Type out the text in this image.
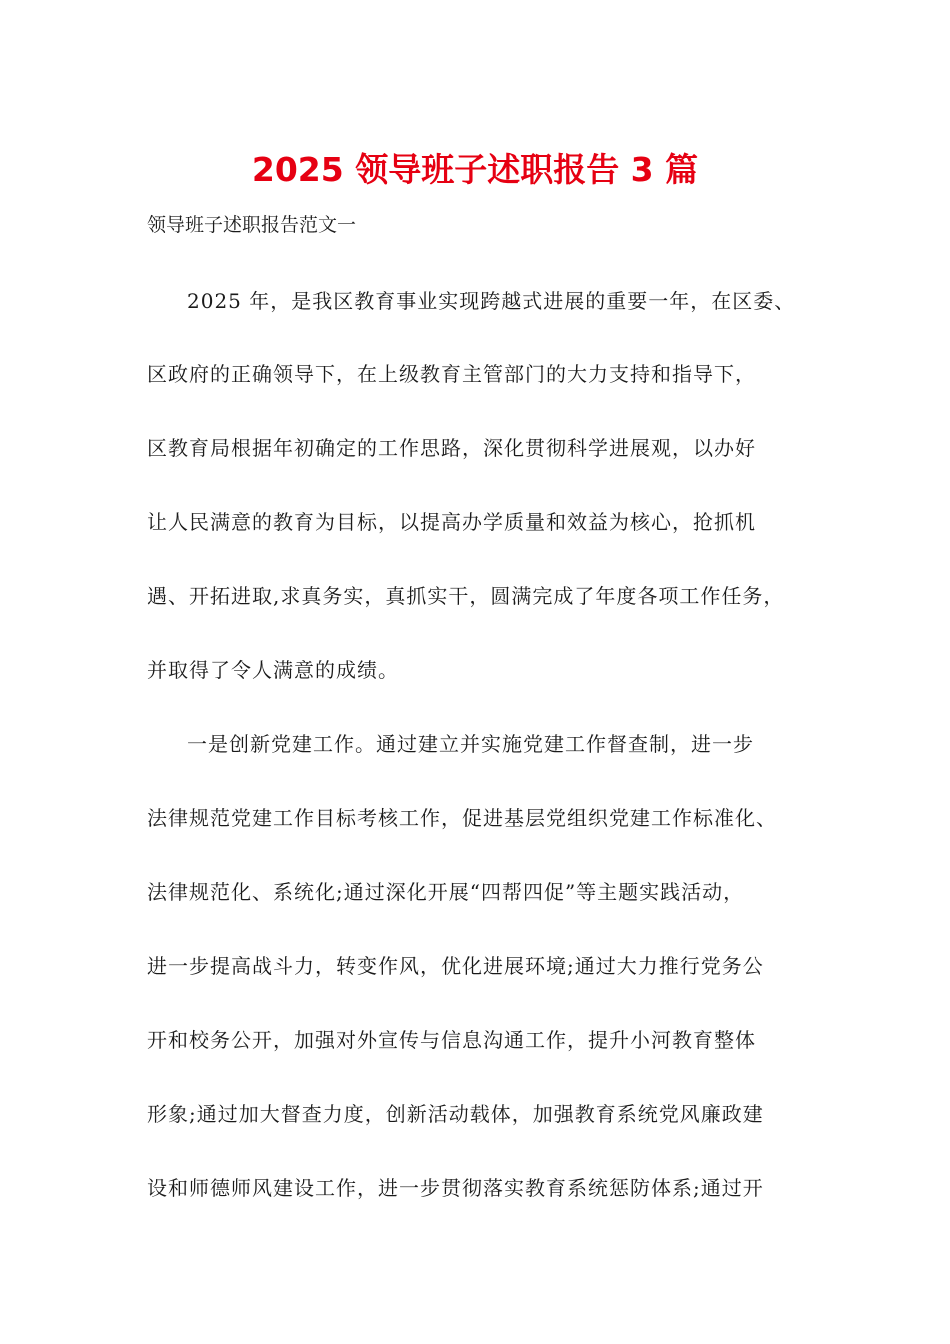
2025 领导班子述职报告 3 篇
领导班子述职报告范文一
2025 年，是我区教育事业实现跨越式进展的重要一年，在区委、
区政府的正确领导下，在上级教育主管部门的大力支持和指导下，
区教育局根据年初确定的工作思路，深化贯彻科学进展观，以办好
让人民满意的教育为目标，以提高办学质量和效益为核心，抢抓机
遇、开拓进取,求真务实，真抓实干，圆满完成了年度各项工作任务，
并取得了令人满意的成绩。
一是创新党建工作。通过建立并实施党建工作督查制，进一步
法律规范党建工作目标考核工作，促进基层党组织党建工作标准化、
法律规范化、系统化;通过深化开展“四帮四促”等主题实践活动，
进一步提高战斗力，转变作风，优化进展环境;通过大力推行党务公
开和校务公开，加强对外宣传与信息沟通工作，提升小河教育整体
形象;通过加大督查力度，创新活动载体，加强教育系统党风廉政建
设和师德师风建设工作，进一步贯彻落实教育系统惩防体系;通过开
